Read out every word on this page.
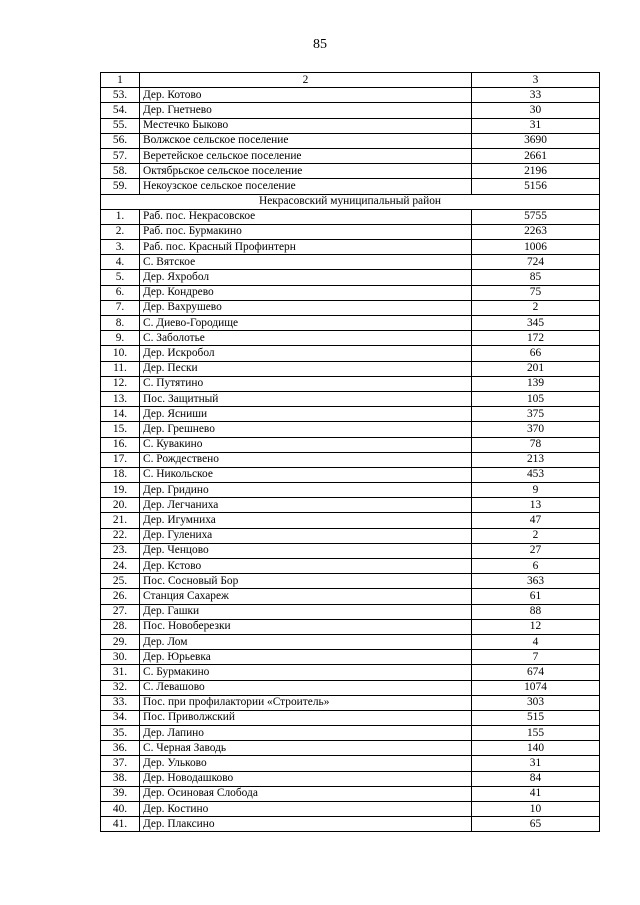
85
1	2	3
53.	Дер. Котово	33
54.	Дер. Гнетнево	30
55.	Местечко Быково	31
56.	Волжское сельское поселение	3690
57.	Веретейское сельское поселение	2661
58.	Октябрьское сельское поселение	2196
59.	Некоузское сельское поселение	5156
Некрасовский муниципальный район		
1.	Раб. пос. Некрасовское	5755
2.	Раб. пос. Бурмакино	2263
3.	Раб. пос. Красный Профинтерн	1006
4.	С. Вятское	724
5.	Дер. Яхробол	85
6.	Дер. Кондрево	75
7.	Дер. Вахрушево	2
8.	С. Диево-Городище	345
9.	С. Заболотье	172
10.	Дер. Искробол	66
11.	Дер. Пески	201
12.	С. Путятино	139
13.	Пос. Защитный	105
14.	Дер. Ясниши	375
15.	Дер. Грешнево	370
16.	С. Кувакино	78
17.	С. Рождествено	213
18.	С. Никольское	453
19.	Дер. Гридино	9
20.	Дер. Легчаниха	13
21.	Дер. Игумниха	47
22.	Дер. Гулениха	2
23.	Дер. Ченцово	27
24.	Дер. Кстово	6
25.	Пос. Сосновый Бор	363
26.	Станция Сахареж	61
27.	Дер. Гашки	88
28.	Пос. Новоберезки	12
29.	Дер. Лом	4
30.	Дер. Юрьевка	7
31.	С. Бурмакино	674
32.	С. Левашово	1074
33.	Пос. при профилактории «Строитель»	303
34.	Пос. Приволжский	515
35.	Дер. Лапино	155
36.	С. Черная Заводь	140
37.	Дер. Ульково	31
38.	Дер. Новодашково	84
39.	Дер. Осиновая Слобода	41
40.	Дер. Костино	10
41.	Дер. Плаксино	65
